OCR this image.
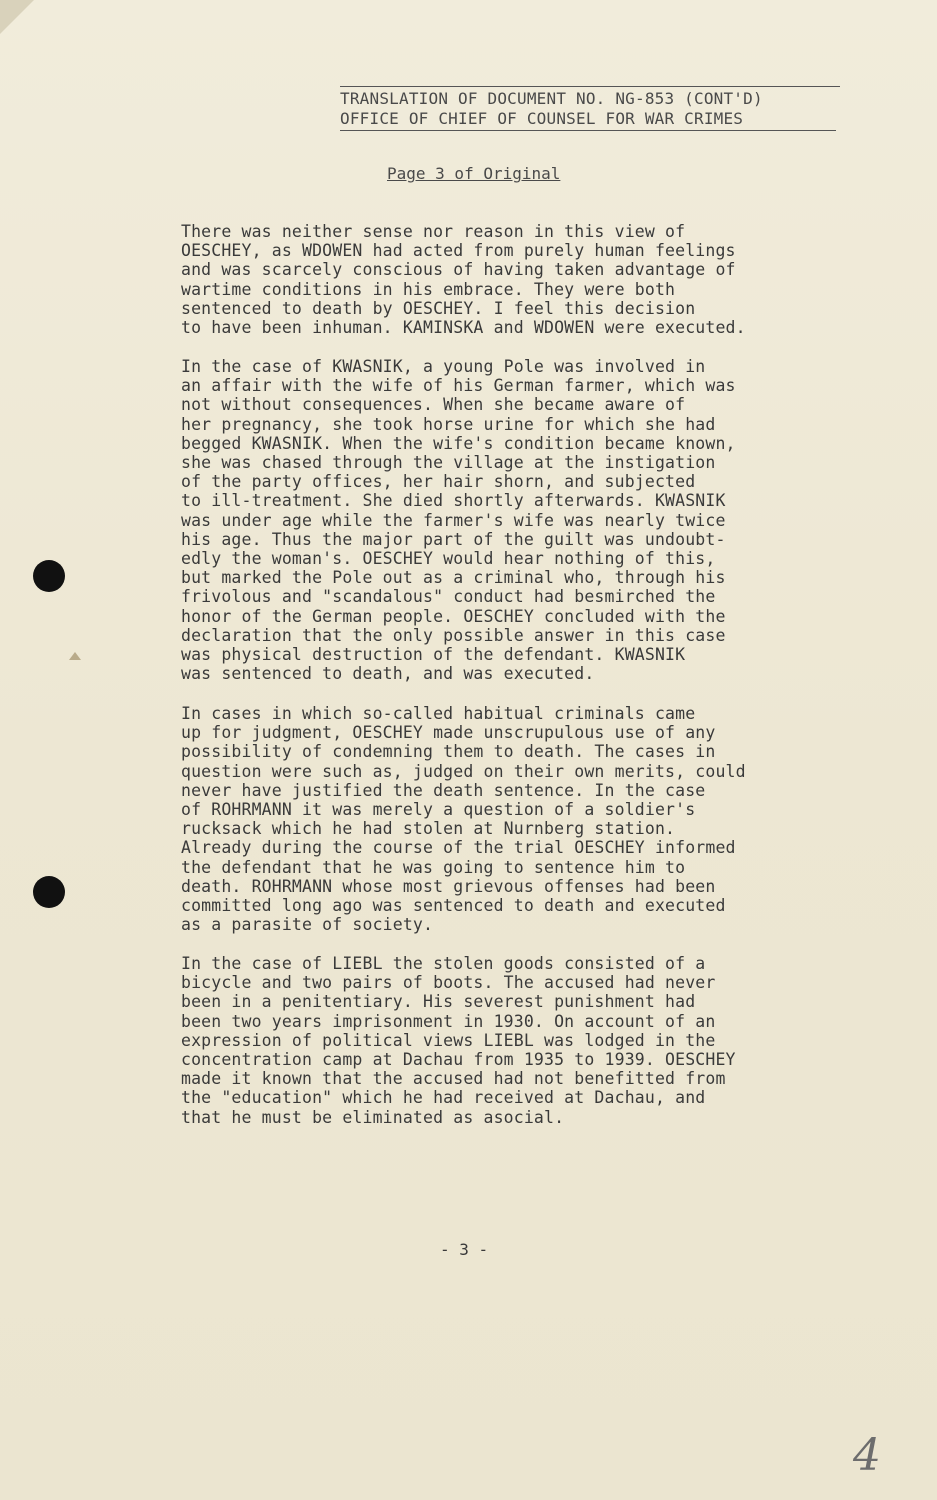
TRANSLATION OF DOCUMENT NO. NG-853 (CONT'D)
OFFICE OF CHIEF OF COUNSEL FOR WAR CRIMES
Page 3 of Original
There was neither sense nor reason in this view of
OESCHEY, as WDOWEN had acted from purely human feelings
and was scarcely conscious of having taken advantage of
wartime conditions in his embrace. They were both
sentenced to death by OESCHEY. I feel this decision
to have been inhuman. KAMINSKA and WDOWEN were executed.
In the case of KWASNIK, a young Pole was involved in
an affair with the wife of his German farmer, which was
not without consequences. When she became aware of
her pregnancy, she took horse urine for which she had
begged KWASNIK. When the wife's condition became known,
she was chased through the village at the instigation
of the party offices, her hair shorn, and subjected
to ill-treatment. She died shortly afterwards. KWASNIK
was under age while the farmer's wife was nearly twice
his age. Thus the major part of the guilt was undoubt-
edly the woman's. OESCHEY would hear nothing of this,
but marked the Pole out as a criminal who, through his
frivolous and "scandalous" conduct had besmirched the
honor of the German people. OESCHEY concluded with the
declaration that the only possible answer in this case
was physical destruction of the defendant. KWASNIK
was sentenced to death, and was executed.
In cases in which so-called habitual criminals came
up for judgment, OESCHEY made unscrupulous use of any
possibility of condemning them to death. The cases in
question were such as, judged on their own merits, could
never have justified the death sentence. In the case
of ROHRMANN it was merely a question of a soldier's
rucksack which he had stolen at Nurnberg station.
Already during the course of the trial OESCHEY informed
the defendant that he was going to sentence him to
death. ROHRMANN whose most grievous offenses had been
committed long ago was sentenced to death and executed
as a parasite of society.
In the case of LIEBL the stolen goods consisted of a
bicycle and two pairs of boots. The accused had never
been in a penitentiary. His severest punishment had
been two years imprisonment in 1930. On account of an
expression of political views LIEBL was lodged in the
concentration camp at Dachau from 1935 to 1939. OESCHEY
made it known that the accused had not benefitted from
the "education" which he had received at Dachau, and
that he must be eliminated as asocial.
- 3 -
4
